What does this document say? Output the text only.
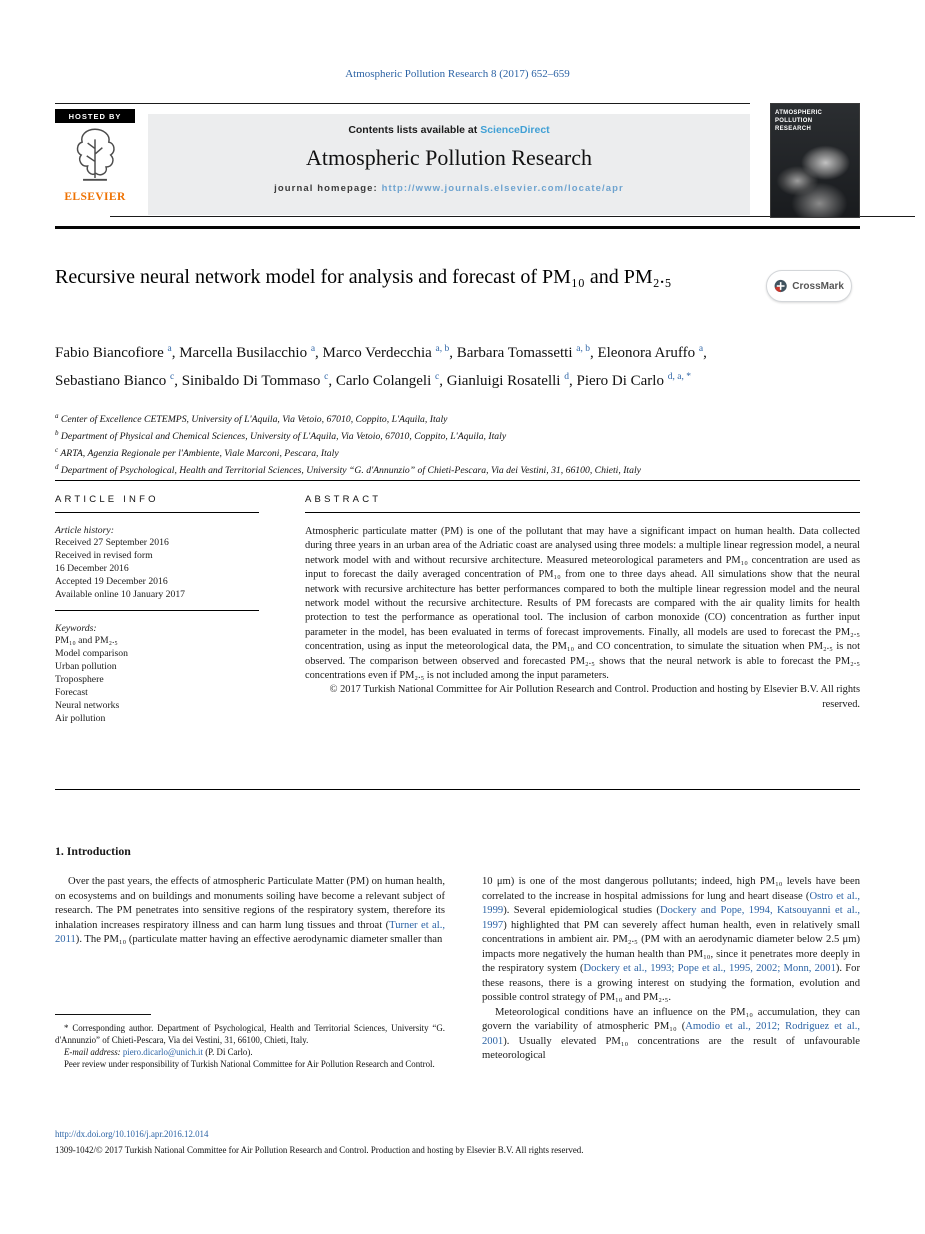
Atmospheric Pollution Research 8 (2017) 652–659
HOSTED BY
ELSEVIER
Contents lists available at ScienceDirect
Atmospheric Pollution Research
journal homepage: http://www.journals.elsevier.com/locate/apr
ATMOSPHERIC POLLUTION
RESEARCH
Recursive neural network model for analysis and forecast of PM₁₀ and PM₂.₅	CrossMark
Fabio Biancofiore $^a$, Marcella Busilacchio $^a$, Marco Verdecchia $^{a, b}$, Barbara Tomassetti $^{a, b}$, Eleonora Aruffo $^a$, Sebastiano Bianco $^c$, Sinibaldo Di Tommaso $^c$, Carlo Colangeli $^c$, Gianluigi Rosatelli $^d$, Piero Di Carlo $^{d, a, *}$
$^a$ Center of Excellence CETEMPS, University of L'Aquila, Via Vetoio, 67010, Coppito, L'Aquila, Italy
$^b$ Department of Physical and Chemical Sciences, University of L'Aquila, Via Vetoio, 67010, Coppito, L'Aquila, Italy
$^c$ ARTA, Agenzia Regionale per l'Ambiente, Viale Marconi, Pescara, Italy
$^d$ Department of Psychological, Health and Territorial Sciences, University “G. d'Annunzio” of Chieti-Pescara, Via dei Vestini, 31, 66100, Chieti, Italy
ARTICLE INFO
Article history:
Received 27 September 2016
Received in revised form
16 December 2016
Accepted 19 December 2016
Available online 10 January 2017
Keywords:
PM₁₀ and PM₂.₅
Model comparison
Urban pollution
Troposphere
Forecast
Neural networks
Air pollution
ABSTRACT

Atmospheric particulate matter (PM) is one of the pollutant that may have a significant impact on human health. Data collected during three years in an urban area of the Adriatic coast are analysed using three models: a multiple linear regression model, a neural network model with and without recursive architecture. Measured meteorological parameters and PM₁₀ concentration are used as input to forecast the daily averaged concentration of PM₁₀ from one to three days ahead. All simulations show that the neural network with recursive architecture has better performances compared to both the multiple linear regression model and the neural network model without the recursive architecture. Results of PM forecasts are compared with the air quality limits for health protection to test the performance as operational tool. The inclusion of carbon monoxide (CO) concentration as further input parameter in the model, has been evaluated in terms of forecast improvements. Finally, all models are used to forecast the PM₂.₅ concentration, using as input the meteorological data, the PM₁₀ and CO concentration, to simulate the situation when PM₂.₅ is not observed. The comparison between observed and forecasted PM₂.₅ shows that the neural network is able to forecast the PM₂.₅ concentrations even if PM₂.₅ is not included among the input parameters.

© 2017 Turkish National Committee for Air Pollution Research and Control. Production and hosting by Elsevier B.V. All rights reserved.
1. Introduction

Over the past years, the effects of atmospheric Particulate Matter (PM) on human health, on ecosystems and on buildings and monuments soiling have become a relevant subject of research. The PM penetrates into sensitive regions of the respiratory system, therefore its inhalation increases respiratory illness and can harm lung tissues and throat (Turner et al., 2011). The PM₁₀ (particulate matter having an effective aerodynamic diameter smaller than

10 μm) is one of the most dangerous pollutants; indeed, high PM₁₀ levels have been correlated to the increase in hospital admissions for lung and heart disease (Ostro et al., 1999). Several epidemiological studies (Dockery and Pope, 1994, Katsouyanni et al., 1997) highlighted that PM can severely affect human health, even in relatively small concentrations in ambient air. PM₂.₅ (PM with an aerodynamic diameter below 2.5 μm) impacts more negatively the human health than PM₁₀, since it penetrates more deeply in the respiratory system (Dockery et al., 1993; Pope et al., 1995, 2002; Monn, 2001). For these reasons, there is a growing interest on studying the formation, evolution and possible control strategy of PM₁₀ and PM₂.₅.

Meteorological conditions have an influence on the PM₁₀ accumulation, they can govern the variability of atmospheric PM₁₀ (Amodio et al., 2012; Rodriguez et al., 2001). Usually elevated PM₁₀ concentrations are the result of unfavourable meteorological

* Corresponding author. Department of Psychological, Health and Territorial Sciences, University “G. d'Annunzio” of Chieti-Pescara, Via dei Vestini, 31, 66100, Chieti, Italy.

E-mail address: piero.dicarlo@unich.it (P. Di Carlo).

Peer review under responsibility of Turkish National Committee for Air Pollution Research and Control.

http://dx.doi.org/10.1016/j.apr.2016.12.014
1309-1042/© 2017 Turkish National Committee for Air Pollution Research and Control. Production and hosting by Elsevier B.V. All rights reserved.
